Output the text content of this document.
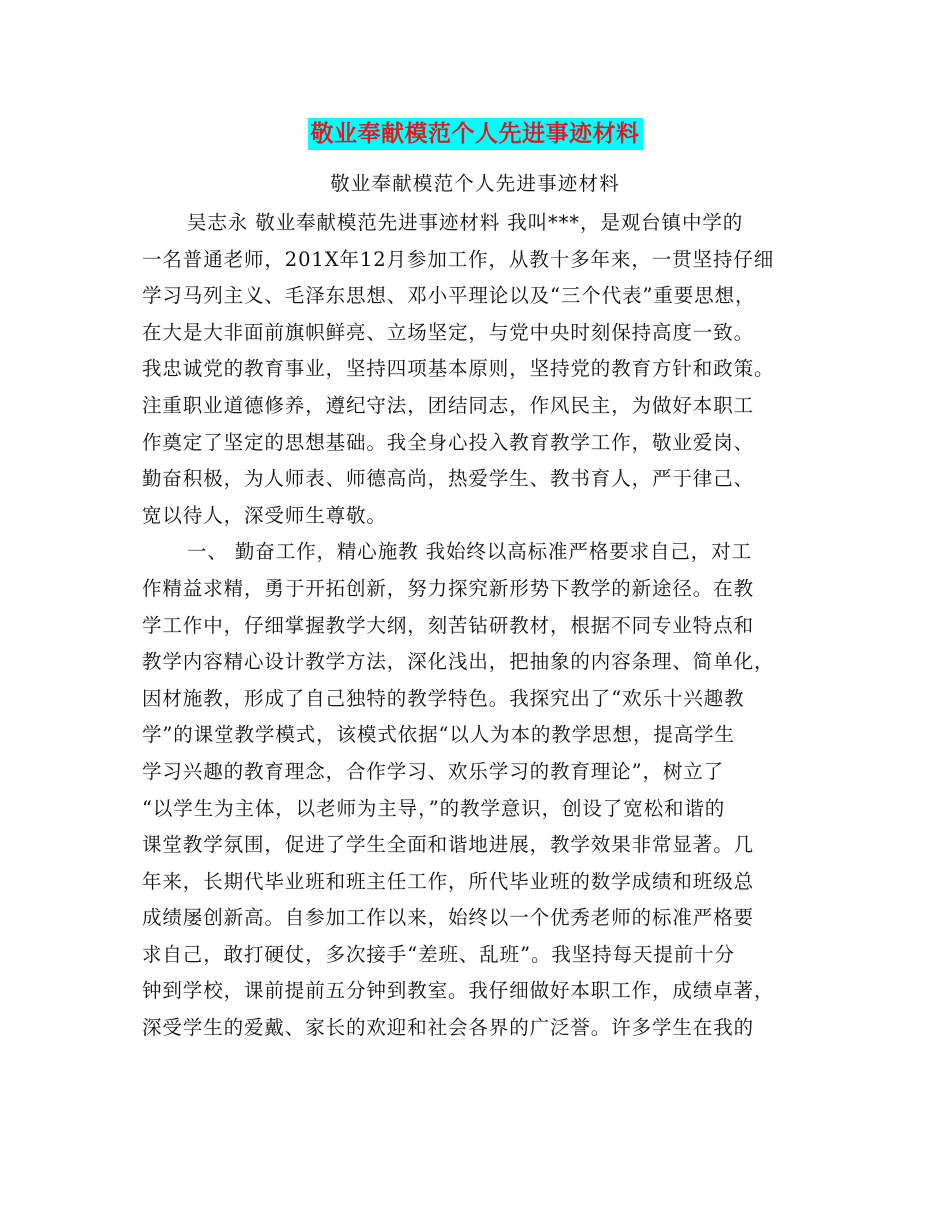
敬业奉献模范个人先进事迹材料

敬业奉献模范个人先进事迹材料

吴志永 敬业奉献模范先进事迹材料 我叫***，是观台镇中学的
一名普通老师，201X年12月参加工作，从教十多年来，一贯坚持仔细
学习马列主义、毛泽东思想、邓小平理论以及“三个代表”重要思想，
在大是大非面前旗帜鲜亮、立场坚定，与党中央时刻保持高度一致。
我忠诚党的教育事业，坚持四项基本原则，坚持党的教育方针和政策。
注重职业道德修养，遵纪守法，团结同志，作风民主，为做好本职工
作奠定了坚定的思想基础。我全身心投入教育教学工作，敬业爱岗、
勤奋积极，为人师表、师德高尚，热爱学生、教书育人，严于律己、
宽以待人，深受师生尊敬。
一、 勤奋工作，精心施教 我始终以高标准严格要求自己，对工
作精益求精，勇于开拓创新，努力探究新形势下教学的新途径。在教
学工作中，仔细掌握教学大纲，刻苦钻研教材，根据不同专业特点和
教学内容精心设计教学方法，深化浅出，把抽象的内容条理、简单化，
因材施教，形成了自己独特的教学特色。我探究出了“欢乐十兴趣教
学”的课堂教学模式，该模式依据“以人为本的教学思想，提高学生
学习兴趣的教育理念，合作学习、欢乐学习的教育理论”，树立了
“以学生为主体，以老师为主导，”的教学意识，创设了宽松和谐的
课堂教学氛围，促进了学生全面和谐地进展，教学效果非常显著。几
年来，长期代毕业班和班主任工作，所代毕业班的数学成绩和班级总
成绩屡创新高。自参加工作以来，始终以一个优秀老师的标准严格要
求自己，敢打硬仗，多次接手“差班、乱班”。我坚持每天提前十分
钟到学校，课前提前五分钟到教室。我仔细做好本职工作，成绩卓著，
深受学生的爱戴、家长的欢迎和社会各界的广泛誉。许多学生在我的
